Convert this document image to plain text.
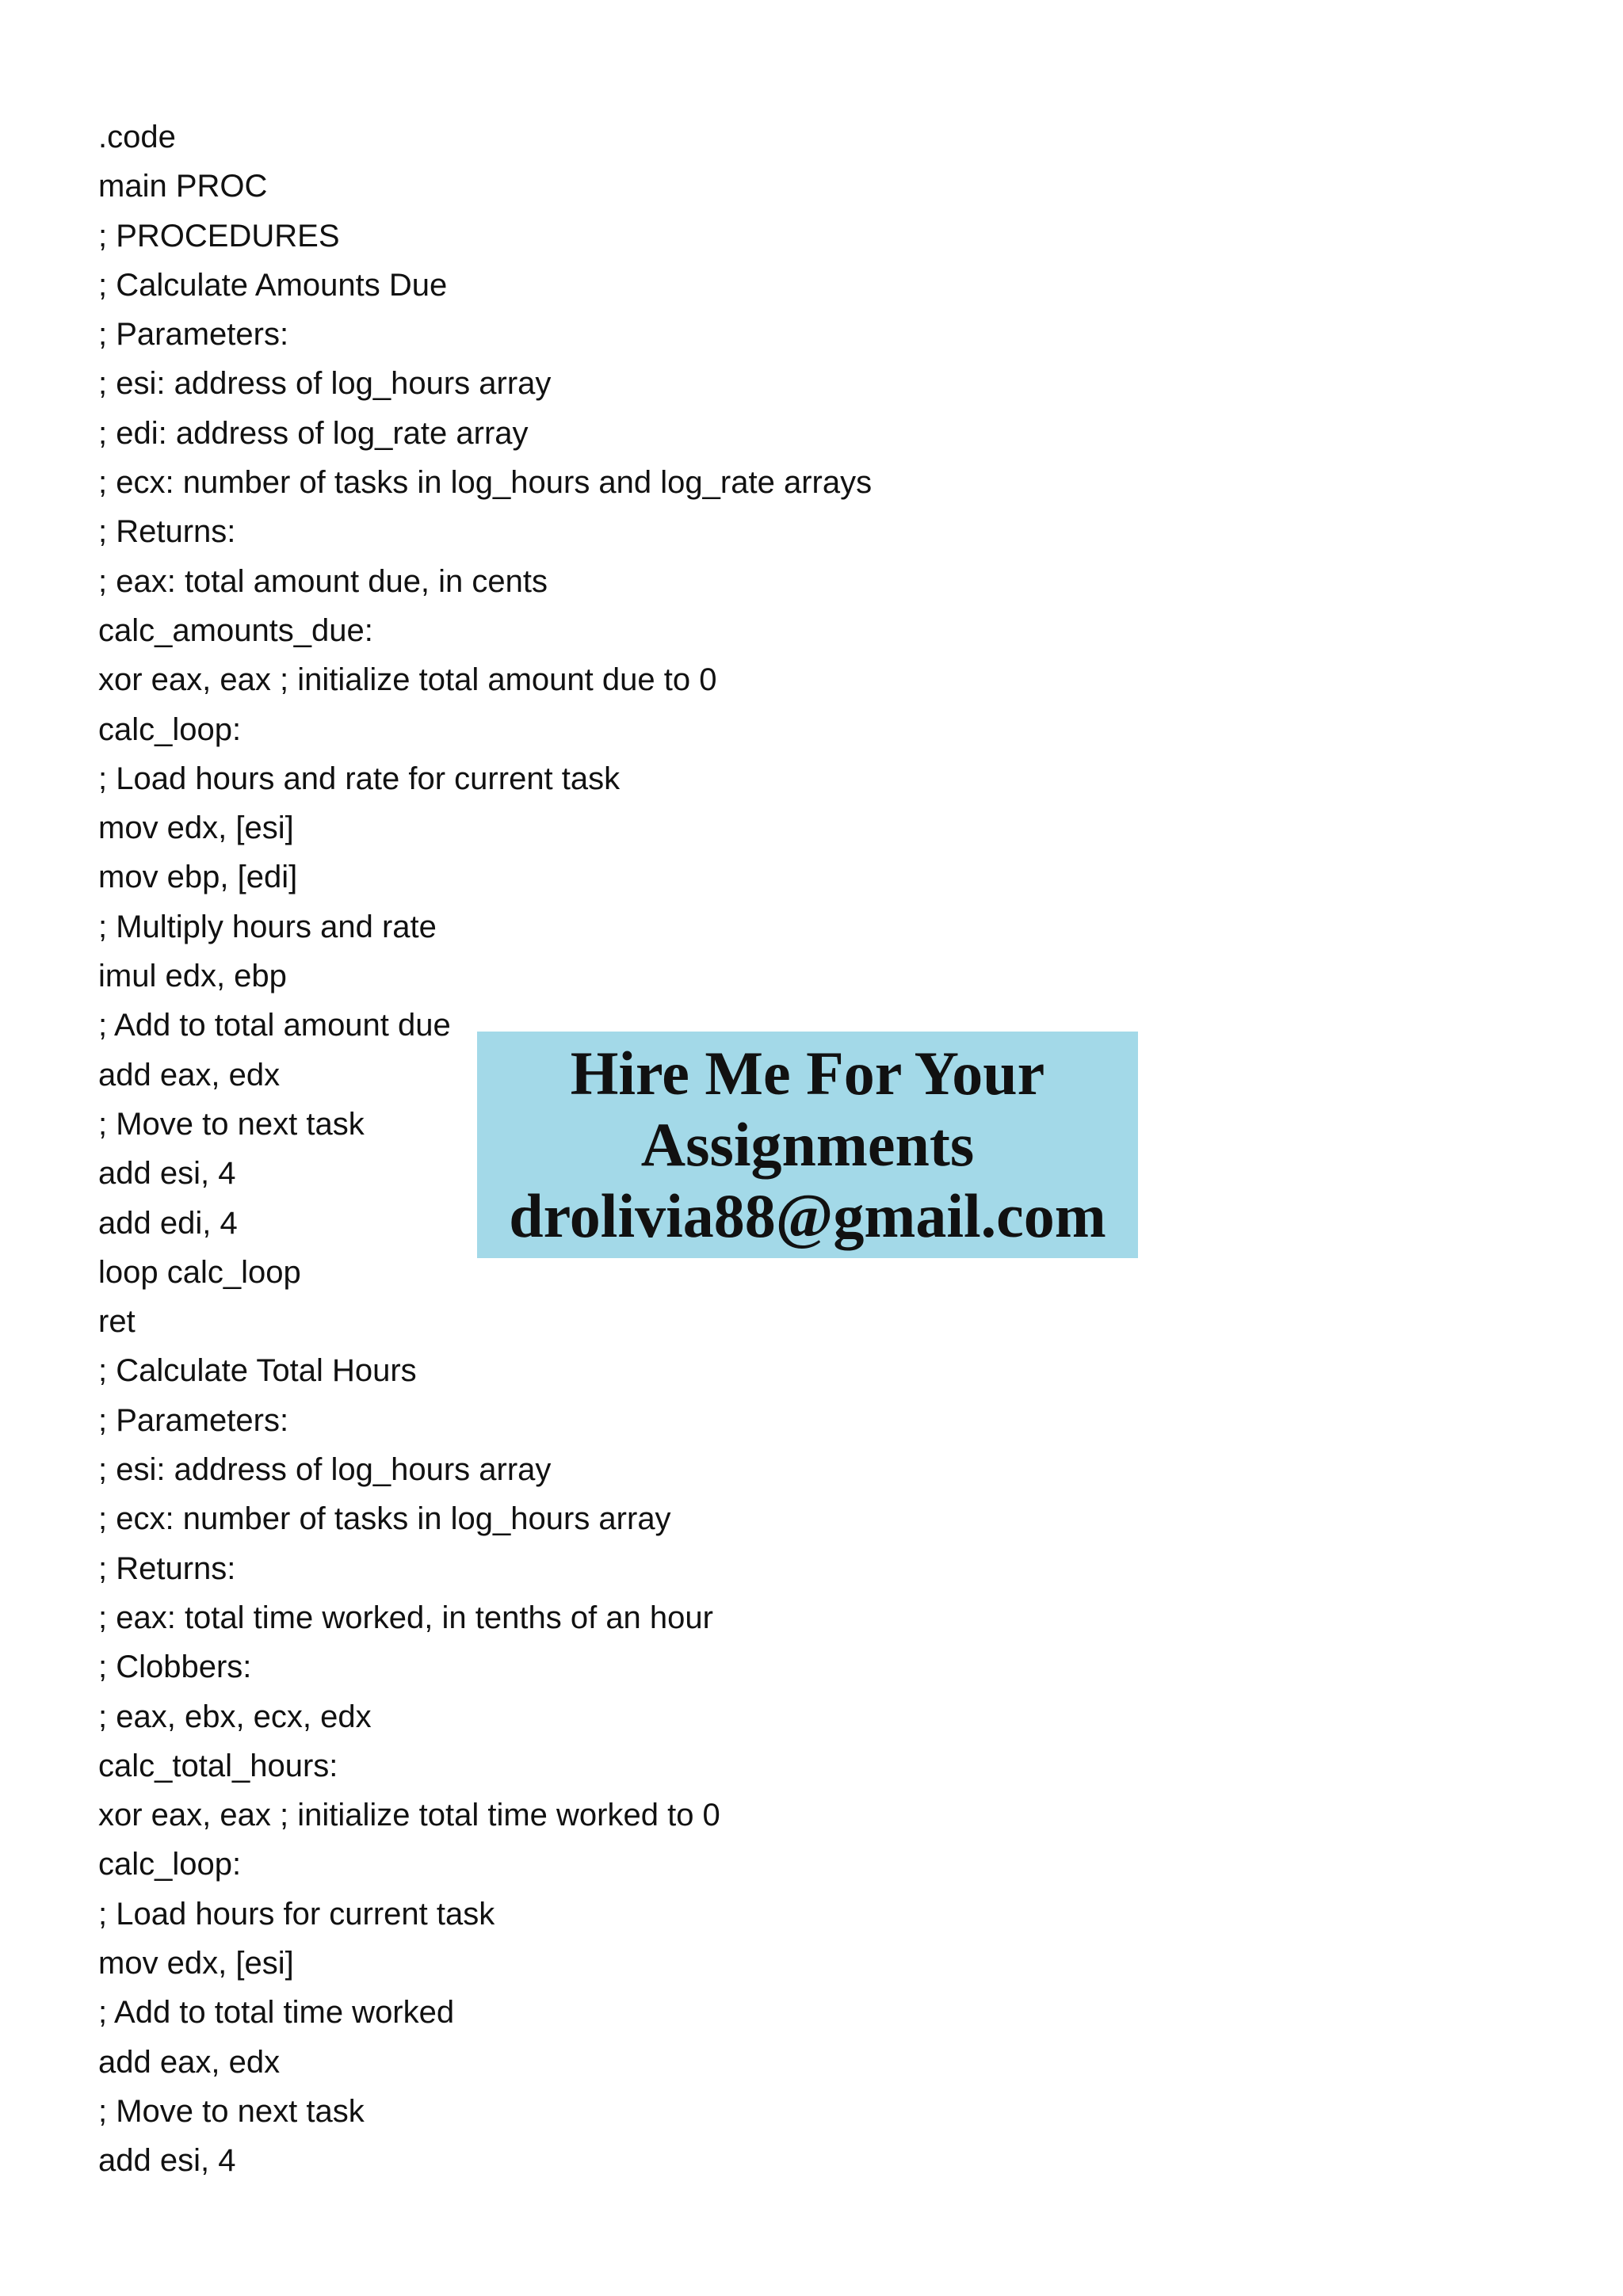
.code
main PROC
; PROCEDURES
; Calculate Amounts Due
; Parameters:
; esi: address of log_hours array
; edi: address of log_rate array
; ecx: number of tasks in log_hours and log_rate arrays
; Returns:
; eax: total amount due, in cents
calc_amounts_due:
xor eax, eax ; initialize total amount due to 0
calc_loop:
; Load hours and rate for current task
mov edx, [esi]
mov ebp, [edi]
; Multiply hours and rate
imul edx, ebp
; Add to total amount due
add eax, edx
; Move to next task
add esi, 4
add edi, 4
loop calc_loop
ret
; Calculate Total Hours
; Parameters:
; esi: address of log_hours array
; ecx: number of tasks in log_hours array
; Returns:
; eax: total time worked, in tenths of an hour
; Clobbers:
; eax, ebx, ecx, edx
calc_total_hours:
xor eax, eax ; initialize total time worked to 0
calc_loop:
; Load hours for current task
mov edx, [esi]
; Add to total time worked
add eax, edx
; Move to next task
add esi, 4
Hire Me For Your
Assignments
drolivia88@gmail.com
